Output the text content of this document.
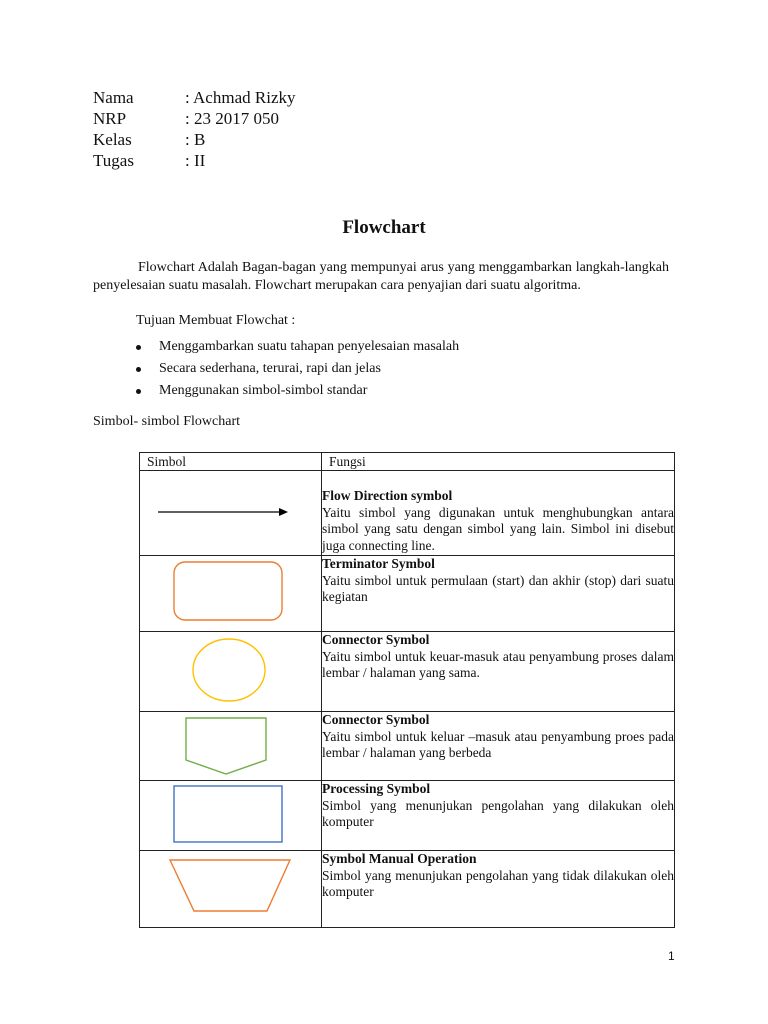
Nama	: Achmad Rizky
NRP	: 23 2017 050
Kelas	: B
Tugas	: II
Flowchart
Flowchart Adalah Bagan-bagan yang mempunyai arus yang menggambarkan langkah-langkah penyelesaian suatu masalah. Flowchart merupakan cara penyajian dari suatu algoritma.
Tujuan Membuat Flowchat :
Menggambarkan suatu tahapan penyelesaian masalah
Secara sederhana, terurai, rapi dan jelas
Menggunakan simbol-simbol standar
Simbol- simbol Flowchart
Simbol	Fungsi

Flow Direction symbol
Yaitu simbol yang digunakan untuk menghubungkan antara simbol yang satu dengan simbol yang lain. Simbol ini disebut juga connecting line.

Terminator Symbol
Yaitu simbol untuk permulaan (start) dan akhir (stop) dari suatu kegiatan

Connector Symbol
Yaitu simbol untuk keuar-masuk atau penyambung proses dalam lembar / halaman yang sama.

Connector Symbol
Yaitu simbol untuk keluar –masuk atau penyambung proes pada lembar / halaman yang berbeda

Processing Symbol
Simbol yang menunjukan pengolahan yang dilakukan oleh komputer

Symbol Manual Operation
Simbol yang menunjukan pengolahan yang tidak dilakukan oleh komputer
1
